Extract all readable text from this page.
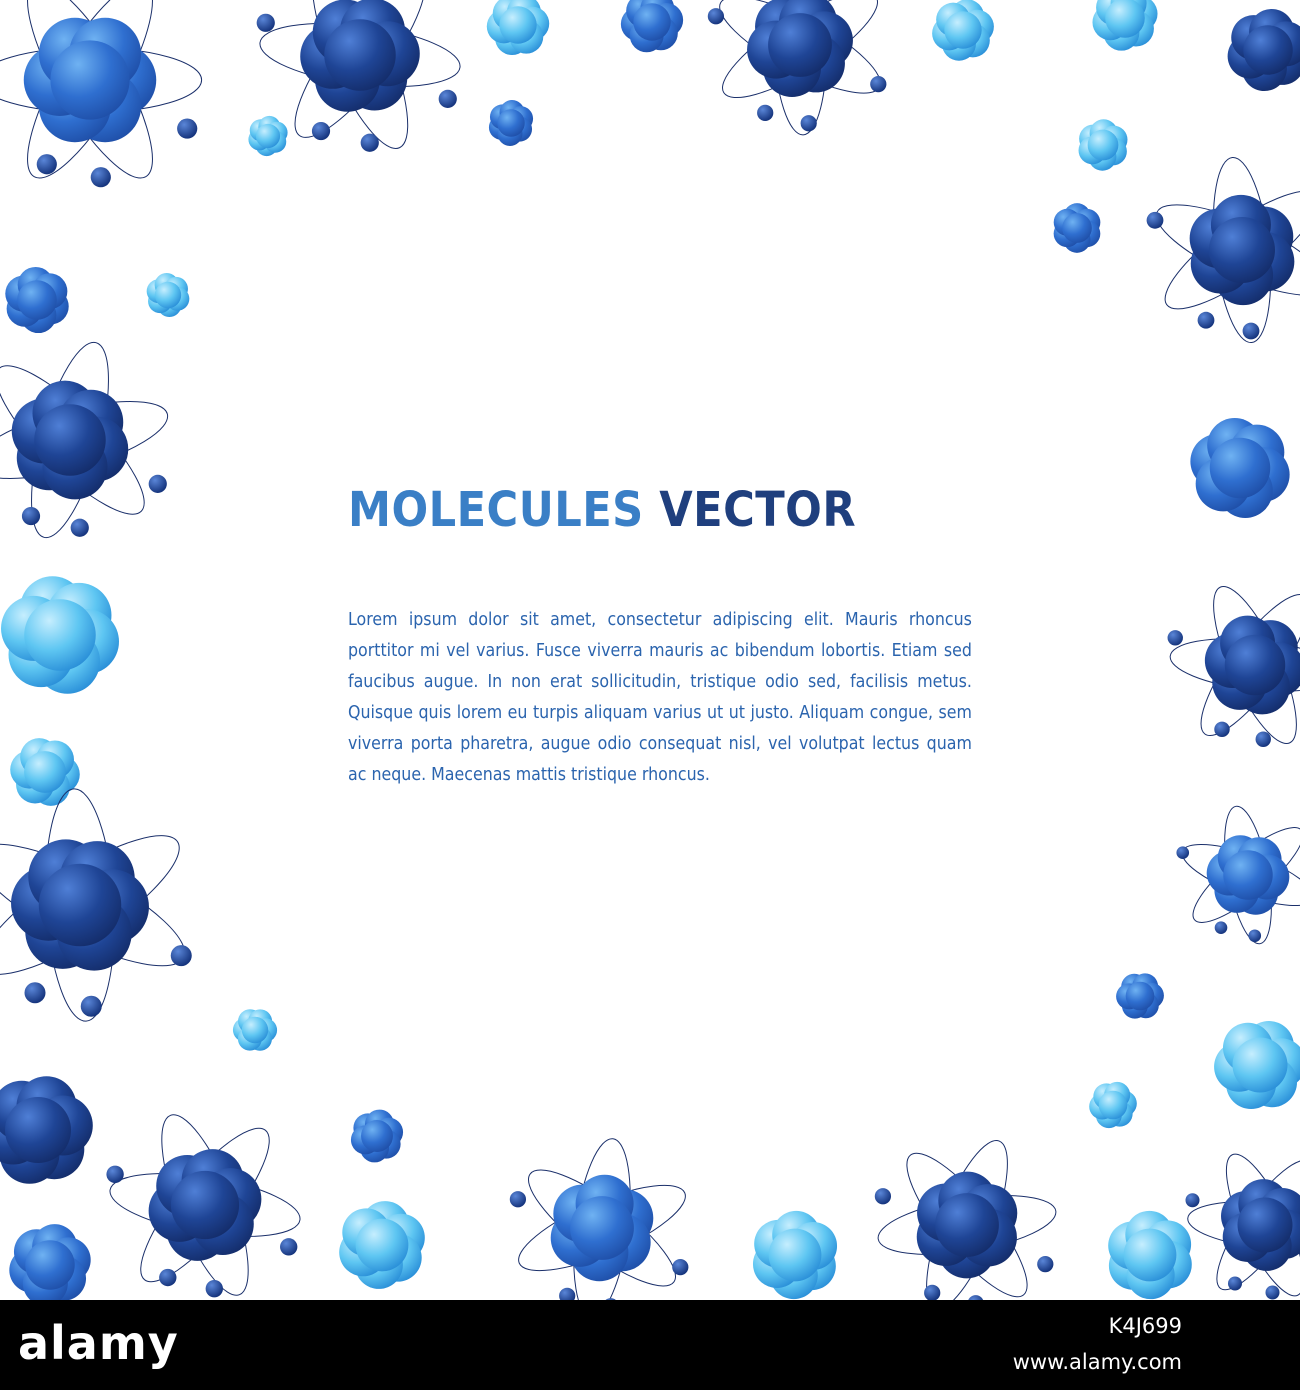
MOLECULES VECTOR

Lorem ipsum dolor sit amet, consectetur adipiscing elit. Mauris rhoncus porttitor mi vel varius. Fusce viverra mauris ac bibendum lobortis. Etiam sed faucibus augue. In non erat sollicitudin, tristique odio sed, facilisis metus. Quisque quis lorem eu turpis aliquam varius ut ut justo. Aliquam congue, sem viverra porta pharetra, augue odio consequat nisl, vel volutpat lectus quam ac neque. Maecenas mattis tristique rhoncus.

alamy	K4J699
www.alamy.com
